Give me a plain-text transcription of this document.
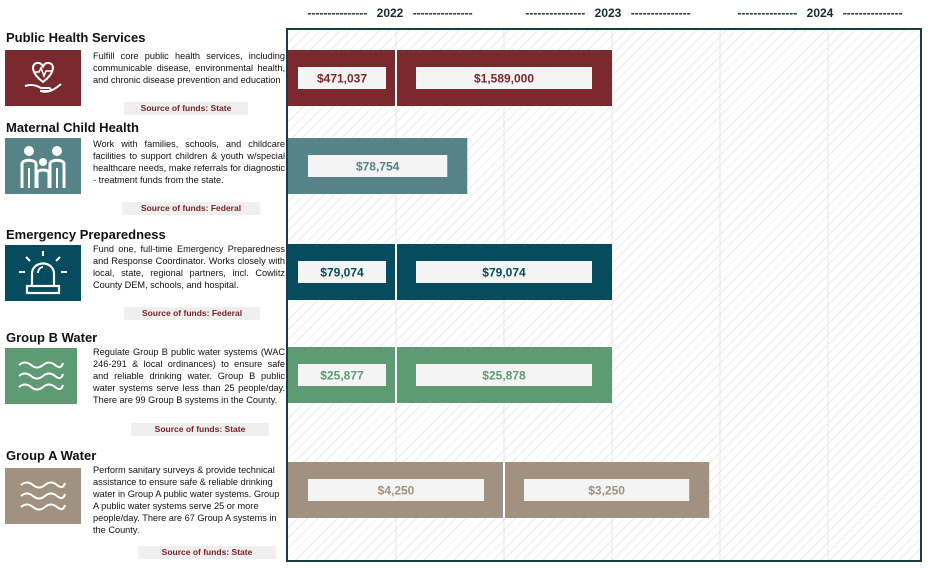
--------------- 2022 ---------------	--------------- 2023 ---------------	--------------- 2024 ---------------
Public Health Services
Fulfill core public health services, including communicable disease, environmental health, and chronic disease prevention and education
Source of funds: State
Maternal Child Health
Work with families, schools, and childcare facilities to support children & youth w/special healthcare needs, make referrals for diagnostic - treatment funds from the state.
Source of funds: Federal
Emergency Preparedness
Fund one, full-time Emergency Preparedness and Response Coordinator. Works closely with local, state, regional partners, incl. Cowlitz County DEM, schools, and hospital.
Source of funds: Federal
Group B Water
Regulate Group B public water systems (WAC 246-291 & local ordinances) to ensure safe and reliable drinking water. Group B public water systems serve less than 25 people/day. There are 99 Group B systems in the County.
Source of funds: State
Group A Water
Perform sanitary surveys & provide technical assistance to ensure safe & reliable drinking water in Group A public water systems. Group A public water systems serve 25 or more people/day. There are 67 Group A systems in the County.
Source of funds: State
$471,037	$1,589,000
$78,754
$79,074	$79,074
$25,877	$25,878
$4,250	$3,250
